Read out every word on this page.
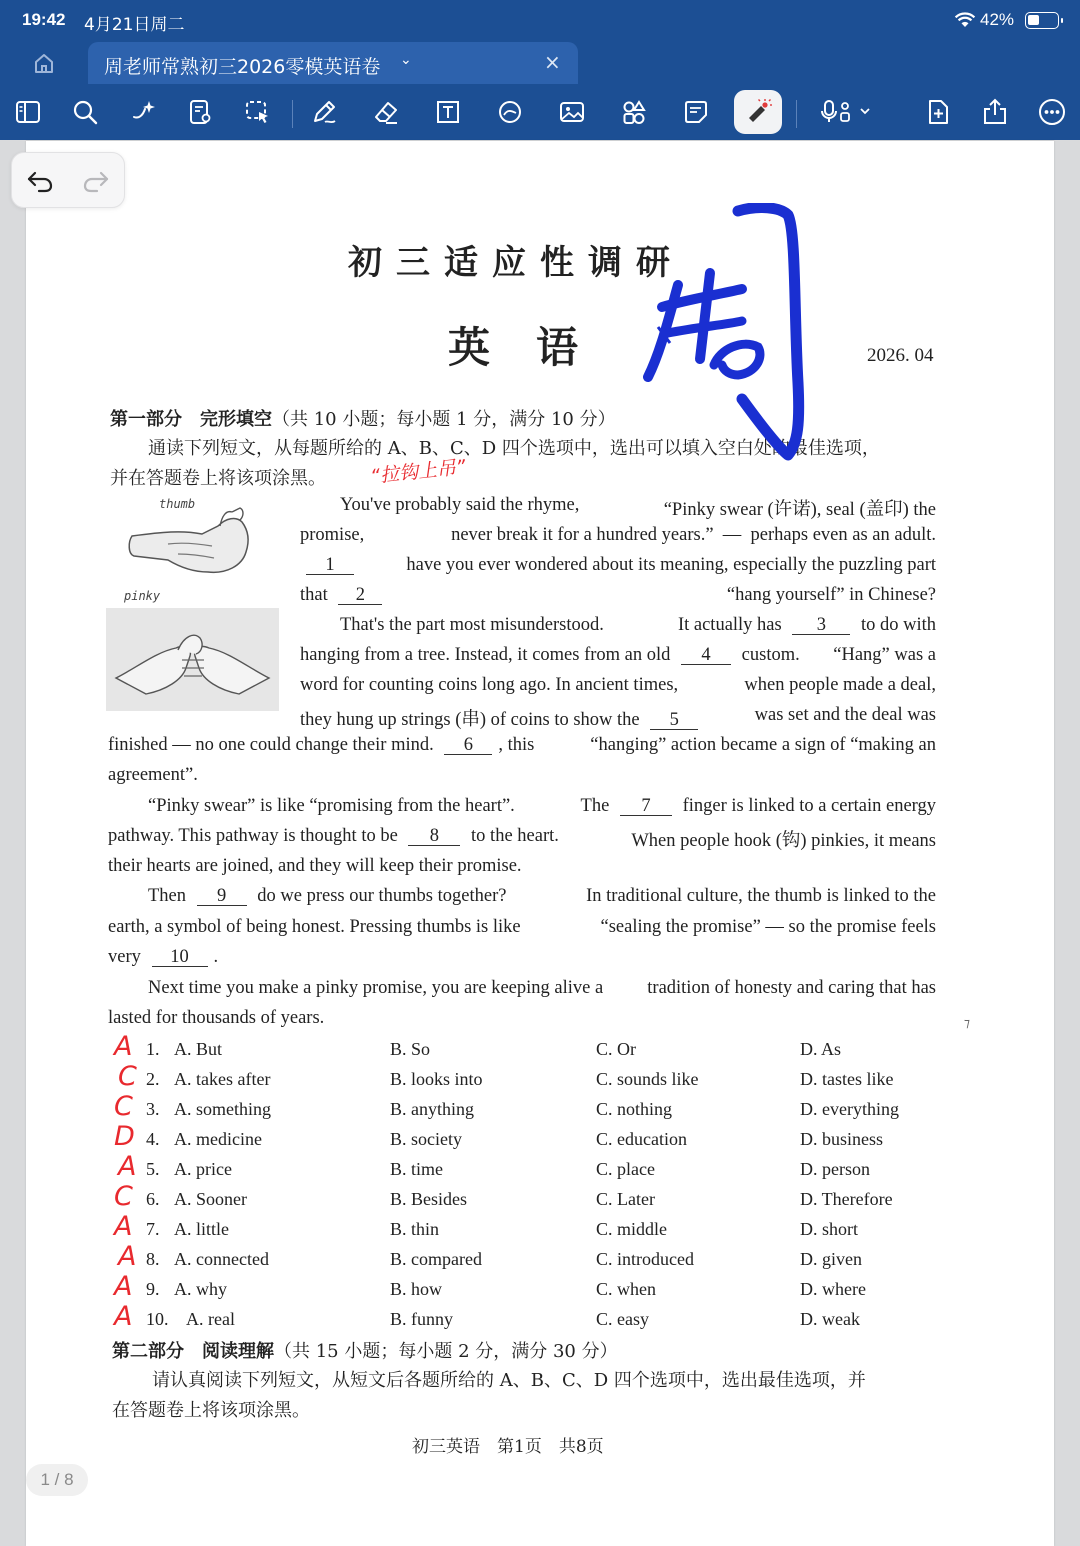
19:42 4月21日周二	42%
周老师常熟初三2026零模英语卷 ⌄	×
初三适应性调研
英语	2026. 04
第一部分　完形填空（共 10 小题；每小题 1 分，满分 10 分）
通读下列短文，从每题所给的 A、B、C、D 四个选项中，选出可以填入空白处的最佳选项，
并在答题卷上将该项涂黑。
thumb
pinky
You've probably said the rhyme,	“Pinky swear (许诺), seal (盖印) the
promise,	never break it for a hundred years.”  —  perhaps even as an adult.
1	have you ever wondered about its meaning, especially the puzzling part
that 2	“hang yourself” in Chinese?
That's the part most misunderstood.	It actually has 3 to do with
hanging from a tree. Instead, it comes from an old 4 custom. “Hang” was a
word for counting coins long ago. In ancient times,	when people made a deal,
they hung up strings (串) of coins to show the 5	was set and the deal was
finished — no one could change their mind. 6 , this	“hanging” action became a sign of “making an
agreement”.
“Pinky swear” is like “promising from the heart”.	The 7 finger is linked to a certain energy
pathway. This pathway is thought to be 8 to the heart.	When people hook (钩) pinkies, it means
their hearts are joined, and they will keep their promise.
Then 9 do we press our thumbs together?	In traditional culture, the thumb is linked to the
earth, a symbol of being honest. Pressing thumbs is like	“sealing the promise” — so the promise feels
very 10 .
Next time you make a pinky promise, you are keeping alive a tradition of honesty and caring that has
lasted for thousands of years.
A 1. A. But	B. So	C. Or	D. As
C 2. A. takes after	B. looks into	C. sounds like	D. tastes like
C 3. A. something	B. anything	C. nothing	D. everything
D 4. A. medicine	B. society	C. education	D. business
A 5. A. price	B. time	C. place	D. person
C 6. A. Sooner	B. Besides	C. Later	D. Therefore
A 7. A. little	B. thin	C. middle	D. short
A 8. A. connected	B. compared	C. introduced	D. given
A 9. A. why	B. how	C. when	D. where
A 10. A. real	B. funny	C. easy	D. weak
第二部分　阅读理解（共 15 小题；每小题 2 分，满分 30 分）
请认真阅读下列短文，从短文后各题所给的 A、B、C、D 四个选项中，选出最佳选项，并
在答题卷上将该项涂黑。
初三英语　第1页　共8页
周
“拉钩上吊”
⁊
1 / 8
